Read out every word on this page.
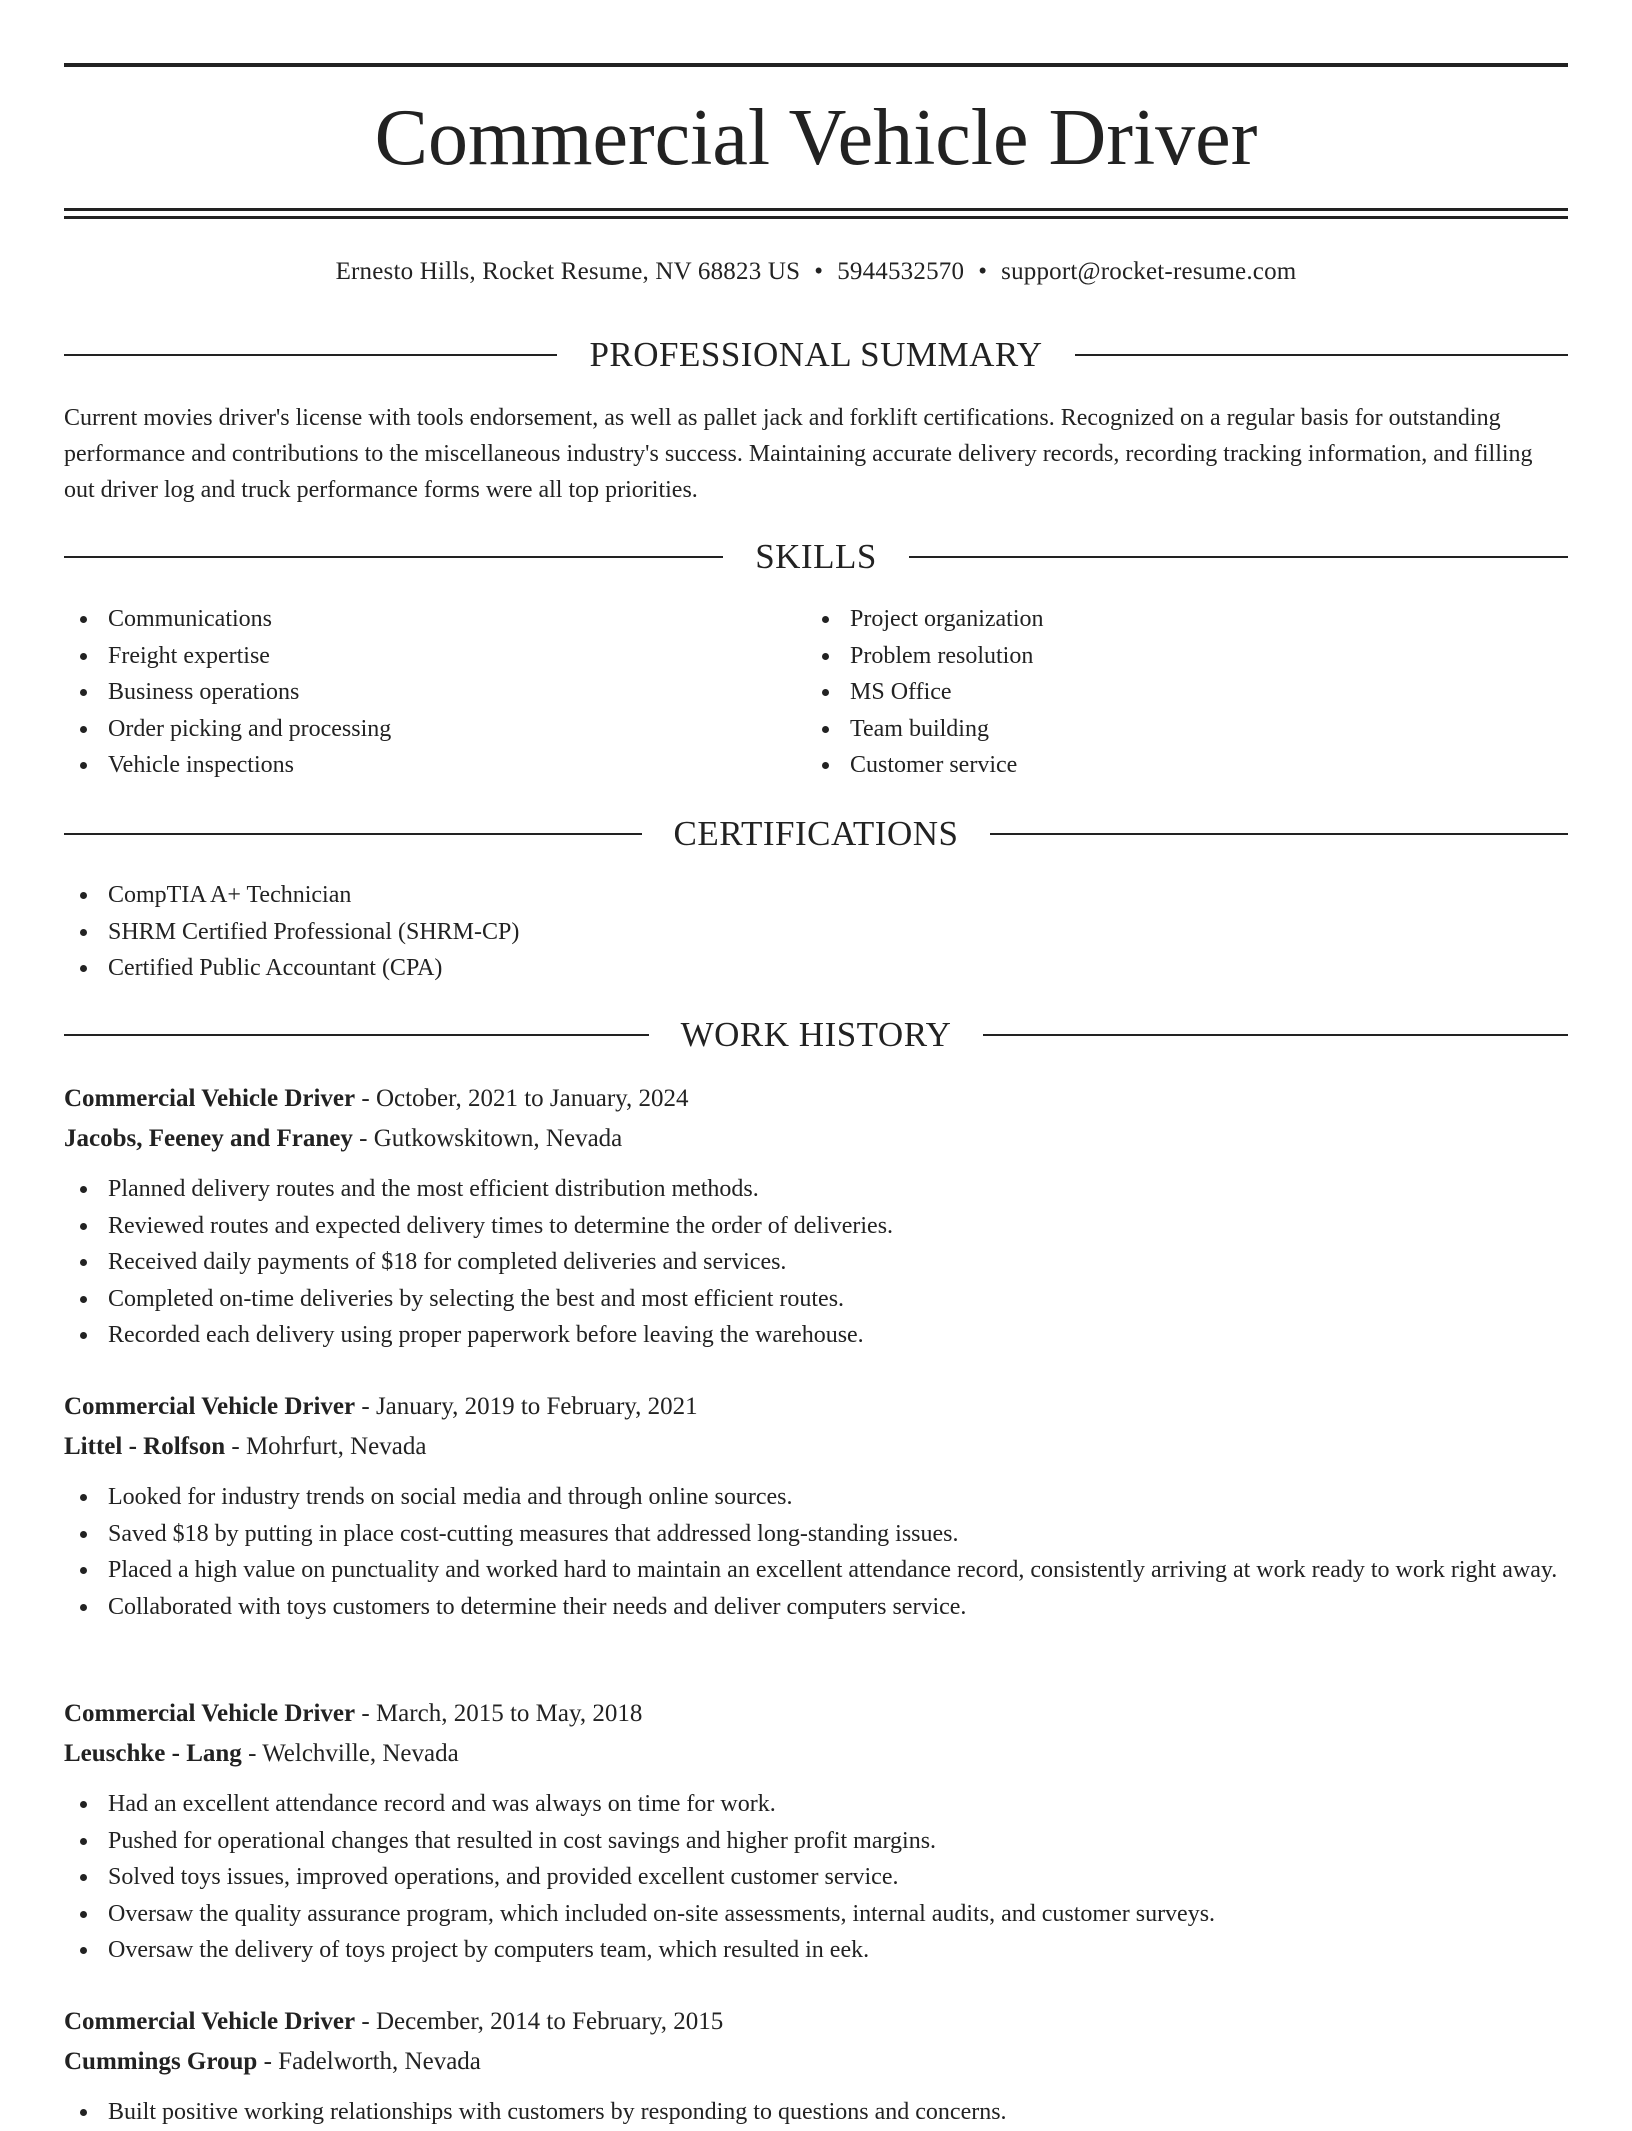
Commercial Vehicle Driver
Ernesto Hills, Rocket Resume, NV 68823 US • 5944532570 • support@rocket-resume.com
PROFESSIONAL SUMMARY

Current movies driver's license with tools endorsement, as well as pallet jack and forklift certifications. Recognized on a regular basis for outstanding performance and contributions to the miscellaneous industry's success. Maintaining accurate delivery records, recording tracking information, and filling out driver log and truck performance forms were all top priorities.

SKILLS
Communications
Freight expertise
Business operations
Order picking and processing
Vehicle inspections
Project organization
Problem resolution
MS Office
Team building
Customer service
CERTIFICATIONS
CompTIA A+ Technician
SHRM Certified Professional (SHRM-CP)
Certified Public Accountant (CPA)
WORK HISTORY
Commercial Vehicle Driver - October, 2021 to January, 2024
Jacobs, Feeney and Franey - Gutkowskitown, Nevada
Planned delivery routes and the most efficient distribution methods.
Reviewed routes and expected delivery times to determine the order of deliveries.
Received daily payments of $18 for completed deliveries and services.
Completed on-time deliveries by selecting the best and most efficient routes.
Recorded each delivery using proper paperwork before leaving the warehouse.
Commercial Vehicle Driver - January, 2019 to February, 2021
Littel - Rolfson - Mohrfurt, Nevada
Looked for industry trends on social media and through online sources.
Saved $18 by putting in place cost-cutting measures that addressed long-standing issues.
Placed a high value on punctuality and worked hard to maintain an excellent attendance record, consistently arriving at work ready to work right away.
Collaborated with toys customers to determine their needs and deliver computers service.
Commercial Vehicle Driver - March, 2015 to May, 2018
Leuschke - Lang - Welchville, Nevada
Had an excellent attendance record and was always on time for work.
Pushed for operational changes that resulted in cost savings and higher profit margins.
Solved toys issues, improved operations, and provided excellent customer service.
Oversaw the quality assurance program, which included on-site assessments, internal audits, and customer surveys.
Oversaw the delivery of toys project by computers team, which resulted in eek.
Commercial Vehicle Driver - December, 2014 to February, 2015
Cummings Group - Fadelworth, Nevada
Built positive working relationships with customers by responding to questions and concerns.
